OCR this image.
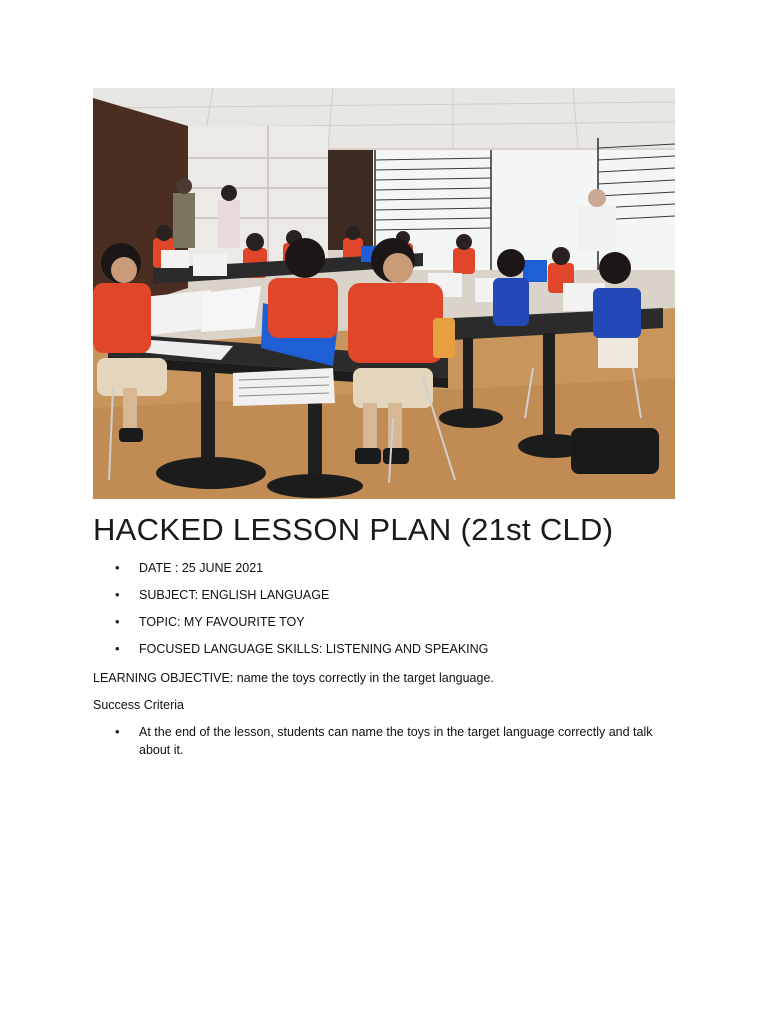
HACKED LESSON PLAN (21st CLD)
• DATE : 25 JUNE 2021
• SUBJECT: ENGLISH LANGUAGE
• TOPIC: MY FAVOURITE TOY
• FOCUSED LANGUAGE SKILLS: LISTENING AND SPEAKING
LEARNING OBJECTIVE: name the toys correctly in the target language.
Success Criteria
• At the end of the lesson, students can name the toys in the target language correctly and talk about it.
